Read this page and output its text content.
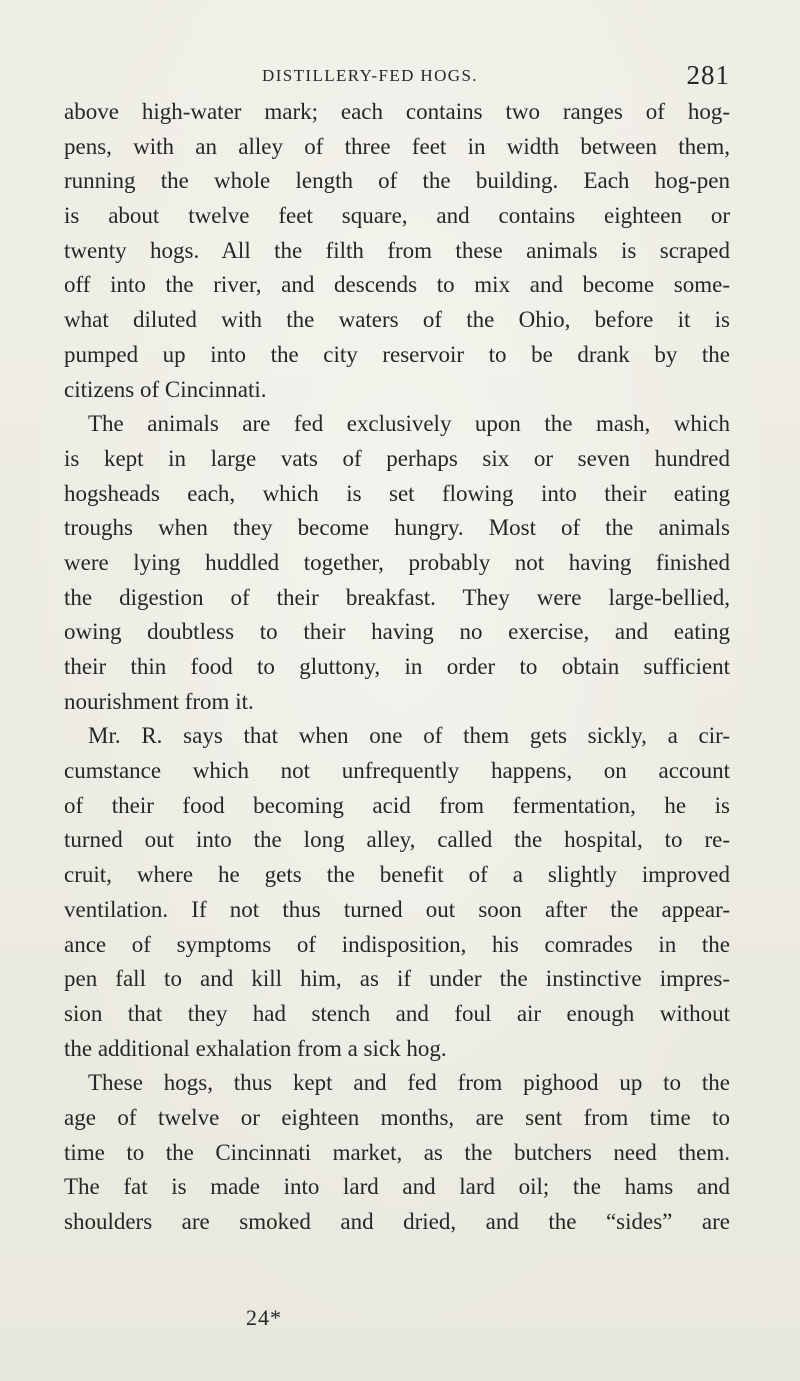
DISTILLERY-FED HOGS.	281
above high-water mark; each contains two ranges of hog-
pens, with an alley of three feet in width between them,
running the whole length of the building. Each hog-pen
is about twelve feet square, and contains eighteen or
twenty hogs. All the filth from these animals is scraped
off into the river, and descends to mix and become some-
what diluted with the waters of the Ohio, before it is
pumped up into the city reservoir to be drank by the
citizens of Cincinnati.
The animals are fed exclusively upon the mash, which
is kept in large vats of perhaps six or seven hundred
hogsheads each, which is set flowing into their eating
troughs when they become hungry. Most of the animals
were lying huddled together, probably not having finished
the digestion of their breakfast. They were large-bellied,
owing doubtless to their having no exercise, and eating
their thin food to gluttony, in order to obtain sufficient
nourishment from it.
Mr. R. says that when one of them gets sickly, a cir-
cumstance which not unfrequently happens, on account
of their food becoming acid from fermentation, he is
turned out into the long alley, called the hospital, to re-
cruit, where he gets the benefit of a slightly improved
ventilation. If not thus turned out soon after the appear-
ance of symptoms of indisposition, his comrades in the
pen fall to and kill him, as if under the instinctive impres-
sion that they had stench and foul air enough without
the additional exhalation from a sick hog.
These hogs, thus kept and fed from pighood up to the
age of twelve or eighteen months, are sent from time to
time to the Cincinnati market, as the butchers need them.
The fat is made into lard and lard oil; the hams and
shoulders are smoked and dried, and the “sides” are
24*
